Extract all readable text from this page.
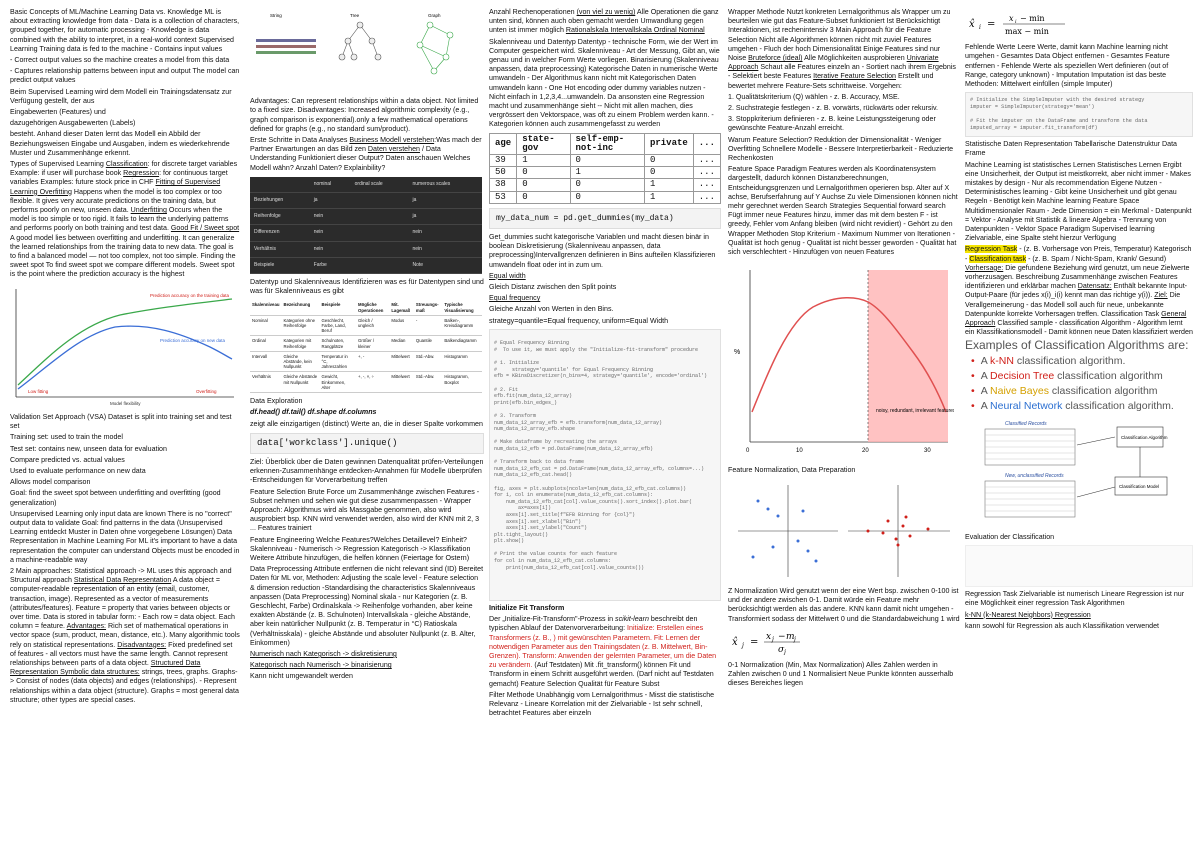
Basic Concepts of ML/Machine Learning Data vs. Knowledge ML is about extracting knowledge from data - Data is a collection of characters, grouped together, for automatic processing - Knowledge is data combined with the ability to interpret, in a real-world context Supervised Learning Training data is fed to the machine - Contains input values

- Correct output values so the machine creates a model from this data

- Captures relationship patterns between input and output The model can predict output values

Beim Supervised Learning wird dem Modell ein Trainingsdatensatz zur Verfügung gestellt, der aus

Eingabewerten (Features) und

dazugehörigen Ausgabewerten (Labels)

besteht. Anhand dieser Daten lernt das Modell ein Abbild der Beziehungsweisen Eingabe und Ausgaben, indem es wiederkehrende Muster und Zusammenhänge erkennt.

Types of Supervised Learning Classification: for discrete target variables Example: if user will purchase book Regression: for continuous target variables Examples: future stock price in CHF Fitting of Supervised Learning Overfitting Happens when the model is too complex or too flexible. It gives very accurate predictions on the training data, but performs poorly on new, unseen data. Underfitting Occurs when the model is too simple or too rigid. It fails to learn the underlying patterns and performs poorly on both training and test data. Good Fit / Sweet spot A good model lies between overfitting and underfitting. It can generalize the learned relationships from the training data to new data. The goal is to find a balanced model — not too complex, not too simple. Finding the sweet spot To find sweet spot we compare different models. Sweet spot is the point where the prediction accuracy is the highest

Prediction accuracy on the training data
Prediction accuracy on new data
Low fitting	Overfitting
Model flexibility

Validation Set Approach (VSA) Dataset is split into training set and test set

Training set: used to train the model

Test set: contains new, unseen data for evaluation

Compare predicted vs. actual values

Used to evaluate performance on new data

Allows model comparison

Goal: find the sweet spot between underfitting and overfitting (good generalization)

Unsupervised Learning only input data are known There is no "correct" output data to validate Goal: find patterns in the data (Unsupervised Learning entdeckt Muster in Daten ohne vorgegebene Lösungen) Data Representation in Machine Learning For ML it's important to have a data representation the computer can understand Objects must be encoded in a machine-readable way

2 Main approaches: Statistical approach -> ML uses this approach and Structural approach Statistical Data Representation A data object = computer-readable representation of an entity (email, customer, transaction, image). Represented as a vector of measurements (attributes/features). Feature = property that varies between objects or over time. Data is stored in tabular form: - Each row = data object. Each column = feature. Advantages: Rich set of mathematical operations in vector space (sum, product, mean, distance, etc.). Many algorithmic tools rely on statistical representations. Disadvantages: Fixed predefined set of features - all vectors must have the same length. Cannot represent relationships between parts of a data object. Structured Data Representation Symbolic data structures: strings, trees, graphs. Graphs-> Consist of nodes (data objects) and edges (relationships). - Represent relationships within a data object (structure). Graphs = most general data structure; other types are special cases.

String	Tree	Graph

Advantages: Can represent relationships within a data object. Not limited to a fixed size. Disadvantages: Increased algorithmic complexity (e.g., graph comparison is exponential).only a few mathematical operations defined for graphs (e.g., no standard sum/product).

Erste Schritte in Data Analyses Business Modell verstehen:Was mach der Partner Erwartungen an das Bild zen Daten verstehen / Data Understanding Funktioniert dieser Output? Daten anschauen Welches Modell wähn? Anzahl Daten? Explainbility?

	nominal	ordinal scale	numerous scales
Beziehungen	ja		ja
Reihenfolge	nein		ja
Differenzen	nein		nein
Verhältnis	nein		nein
Beispiele	Farbe		Note

Datentyp und Skalenniveaus Identifizieren was es für Datentypen sind und was für Skalenniveaus es gibt

Skalenniveau	Bezeichnung	Beispiele	Mögliche Operationen	Mit. Lagemaß	Streuungs-maß	Typische Visualisierung
Nominal	Kategorien ohne Reihenfolge	Geschlecht, Farbe, Land, Beruf	Gleich / ungleich	Modus	-	Balken-, Kreisdiagramm
Ordinal	Kategorien mit Reihenfolge	Schulnoten, Rangplätze	Größer / kleiner	Median	Quantile	Balkendiagramm
Intervall	Gleiche Abstände, kein Nullpunkt	Temperatur in °C, Jahreszahlen	+, -	Mittelwert	Std.-Abw.	Histogramm
Verhältnis	Gleiche Abstände mit Nullpunkt	Gewicht, Einkommen, Alter	+, -, ×, ÷	Mittelwert	Std.-Abw.	Histogramm, Boxplot

Data Exploration

df.head() df.tail() df.shape df.columns

zeigt alle einzigartigen (distinct) Werte an, die in dieser Spalte vorkommen

data['workclass'].unique()

Ziel: Überblick über die Daten gewinnen Datenqualität prüfen-Verteilungen erkennen-Zusammenhänge entdecken-Annahmen für Modelle überprüfen -Entscheidungen für Vorverarbeitung treffen

Feature Selection Brute Force um Zusammenhänge zwischen Features - Subset nehmen und sehen wie gut diese zusammenpassen - Wrapper Approach: Algorithmus wird als Massgabe genommen, also wird ausprobiert bsp. KNN wird verwendet werden, also wird der KNN mit 2, 3 ... Features trainiert

Feature Engineering Welche Features?Welches Detaillevel? Einheit?Skalenniveau - Numerisch -> Regression Kategorisch -> Klassifikation Weitere Attribute hinzufügen, die helfen können (Feiertage for Ostern)

Data Preprocessing Attribute entfernen die nicht relevant sind (ID) Bereitet Daten für ML vor, Methoden: Adjusting the scale level - Feature selection & dimension reduction -Standardising the characteristics Skalenniveaus anpassen (Data Preprocessing) Nominal skala - nur Kategorien (z. B. Geschlecht, Farbe) Ordinalskala -> Reihenfolge vorhanden, aber keine exakten Abstände (z. B. Schulnoten) Intervallskala - gleiche Abstände, aber kein natürlicher Nullpunkt (z. B. Temperatur in °C) Ratioskala (Verhältnisskala) - gleiche Abstände und absoluter Nullpunkt (z. B. Alter, Einkommen)

Numerisch nach Kategorisch -> diskretisierung

Kategorisch nach Numerisch -> binarisierung

Kann nicht umgewandelt werden

Anzahl Rechenoperationen (von viel zu wenig) Alle Operationen die ganz unten sind, können auch oben gemacht werden Umwandlung gegen unten ist immer möglich Rationalskala Intervallskala Ordinal Nominal

Skalenniveau und Datentyp Datentyp - technische Form, wie der Wert im Computer gespeichert wird. Skalenniveau - Art der Messung, Gibt an, wie genau und in welcher Form Werte vorliegen. Binarisierung (Skalenniveau anpassen, data preprocessing) Kategorische Daten in numerische Werte umwandeln - Der Algorithmus kann nicht mit Kategorischen Daten umwandeln kann - One Hot encoding oder dummy variables nutzen - Nicht einfach in 1,2,3,4...umwandeln. Da ansonsten eine Regression macht und zusammenhänge sieht -- Nicht mit allen machen, dies vergrössert den Vektorspace, was oft zu einem Problem werden kann. -Kategorien können auch zusammengefasst zu werden

age	state-gov	self-emp-not-inc	private	...
39	1	0	0	...
50	0	1	0	...
38	0	0	1	...
53	0	0	1	...
my_data_num = pd.get_dummies(my_data)

Get_dummies sucht kategorische Variablen und macht diesen binär in boolean Diskretisierung (Skalenniveau anpassen, data preprocessing)Intervallgrenzen definieren in Bins aufteilen Klassifizieren umwandeln float oder int in zum um.

Equal width

Gleich Distanz zwischen den Split points

Equal frequency

Gleiche Anzahl von Werten in den Bins.

strategy=quantile=Equal frequency, uniform=Equal Width

# Equal Frequency Binning
#  To use it, we must apply the "Initialize-fit-transform" procedure

# 1. Initialize
#     strategy='quantile' for Equal Frequency Binning
efb = KBinsDiscretizer(n_bins=4, strategy='quantile', encode='ordinal')

# 2. Fit
efb.fit(num_data_12_array)
print(efb.bin_edges_)

# 3. Transform
num_data_12_array_efb = efb.transform(num_data_12_array)
num_data_12_array_efb.shape

# Make dataframe by recreating the arrays
num_data_12_efb = pd.DataFrame(num_data_12_array_efb)

# Transform back to data frame
num_data_12_efb_cat = pd.DataFrame(num_data_12_array_efb, columns=...)
num_data_12_efb_cat.head()

fig, axes = plt.subplots(ncols=len(num_data_12_efb_cat.columns))
for i, col in enumerate(num_data_12_efb_cat.columns):
num_data_12_efb_cat[col].value_counts().sort_index().plot.bar(
ax=axes[i])
axes[i].set_title(f"EFB Binning for {col}")
axes[i].set_xlabel("Bin")
axes[i].set_ylabel("Count")
plt.tight_layout()
plt.show()

# Print the value counts for each feature
for col in num_data_12_efb_cat.columns:
print(num_data_12_efb_cat[col].value_counts())

Initialize Fit Transform

Der „Initialize-Fit-Transform"-Prozess in scikit-learn beschreibt den typischen Ablauf der Datenvorverarbeitung: Initialize: Erstellen eines Transformers (z. B., ) mit gewünschten Parametern. Fit: Lernen der notwendigen Parameter aus den Trainingsdaten (z. B. Mittelwert, Bin-Grenzen). Transform: Anwenden der gelernten Parameter, um die Daten zu verändern. (Auf Testdaten) Mit .fit_transform() können Fit und Transform in einem Schritt ausgeführt werden. (Darf nicht auf Testdaten gemacht) Feature Selection Qualität für Feature Subst

Filter Methode Unabhängig vom Lernalgorithmus - Misst die statistische Relevanz - Lineare Korrelation mit der Zielvariable - Ist sehr schnell, betrachtet Features aber einzeln

Wrapper Methode Nutzt konkreten Lernalgorithmus als Wrapper um zu beurteilen wie gut das Feature-Subset funktioniert Ist Berücksichtigt Interaktionen, ist rechenintensiv 3 Main Approach für die Feature Selection Nicht alle Algorithmen können nicht mit zuviel Features umgehen - Fluch der hoch Dimensionalität Einige Features sind nur Noise Bruteforce (ideal) Alle Möglichkeiten ausprobieren Univariate Approach Schaut alle Features einzeln an - Sortiert nach ihrem Ergebnis - Selektiert beste Features Iterative Feature Selection Erstellt und bewertet mehrere Feature-Sets schrittweise. Vorgehen:

1. Qualitätskriterium (Q) wählen - z. B. Accuracy, MSE.

2. Suchstrategie festlegen - z. B. vorwärts, rückwärts oder rekursiv.

3. Stoppkriterium definieren - z. B. keine Leistungssteigerung oder gewünschte Feature-Anzahl erreicht.

Warum Feature Selection? Reduktion der Dimensionalität - Weniger Overfitting Schnellere Modelle - Bessere Interpretierbarkeit - Reduzierte Rechenkosten

Feature Space Paradigm Features werden als Koordinatensystem dargestellt, dadurch können Distanzberechnungen, Entscheidungsgrenzen und Lernalgorithmen operieren bsp. Alter auf X achse, Berufserfahrung auf Y Auchse Zu viele Dimensionen können nicht mehr gerechnet werden Search Strategies Sequential forward search Fügt immer neue Features hinzu, immer das mit dem besten F - ist greedy, Fehler vom Anfang bleiben (wird nicht revidiert) - Gehört zu den Wrapper Methoden Stop Kriterium - Maximum Nummer von Iterationen - Qualität ist hoch genug - Qualität ist nicht besser geworden - Qualität hat sich verschlechtert - Hinzufügen von neuen Features

%
noisy, redundant, irrelevant features
0	10	20	30

Feature Normalization, Data Preparation

Z Normalization Wird genutzt wenn der eine Wert bsp. zwischen 0-100 ist und der andere zwischen 0-1. Damit würde ein Feature mehr berücksichtigt werden als das andere. KNN kann damit nicht umgehen - Transformiert sodass der Mittelwert 0 und die Standardabweichung 1 wird

x̂ j = x j − m j
σ j

0-1 Normalization (Min, Max Normalization) Alles Zahlen werden in Zahlen zwischen 0 und 1 Normalisiert Neue Punkte könnten ausserhalb dieses Bereiches liegen

x̂ i =
x i − min
max − min

Fehlende Werte Leere Werte, damit kann Machine learning nicht umgehen - Gesamtes Data Object entfernen - Gesamtes Feature entfernen - Fehlende Werte als speziellen Wert definieren (out of Range, category unknown) - Imputation Imputation ist das beste Methoden: Mittelwert einfüllen (simple Imputer)

# Initialize the SimpleImputer with the desired strategy
imputer = SimpleImputer(strategy='mean')

# Fit the imputer on the DataFrame and transform the data
imputed_array = imputer.fit_transform(df)

Statistische Daten Representation Tabellarische Datenstruktur Data Frame

Machine Learning ist statistisches Lernen Statistisches Lernen Ergibt eine Unsicherheit, der Output ist meistkorrekt, aber nicht immer - Makes mistakes by design - Nur als recommendation Eigene Nutzen - Deterministisches learning - Gibt keine Unsicherheit und gibt genau Regeln - Benötigt kein Machine learning Feature Space Multidimensionaler Raum - Jede Dimension = ein Merkmal - Datenpunkt = Vektor - Analyse mit Statistik & lineare Algebra - Trennung von Datenpunkten - Vektor Space Paradigm Supervised learning Zielvariable, eine Spalte steht hierzur Verfügung

Regression Task - (z. B. Vorhersage von Preis, Temperatur) Kategorisch - Classification task - (z. B. Spam / Nicht-Spam, Krank/ Gesund) Vorhersage: Die gefundene Beziehung wird genutzt, um neue Zielwerte vorherzusagen. Beschreibung Zusammenhänge zwischen Features identifizieren und erklärbar machen Datensatz: Enthält bekannte Input-Output-Paare (für jedes x(i)_i(i) kennt man das richtige y(i)). Ziel: Die Verallgemeinerung - das Modell soll auch für neue, unbekannte Datenpunkte korrekte Vorhersagen treffen. Classification Task General Approach Classified sample - classification Algorithm - Algorithm lernt ein Klassifikationsmodell - Damit können neue Daten klassifiziert werden

Examples of Classification Algorithms are:
• A k-NN classification algorithm.
• A Decision Tree classification algorithm
• A Naive Bayes classification algorithm
• A Neural Network classification algorithm.
Classified Records
Classification Algorithm
Classification Model
New, unclassified Records

Evaluation der Classification

Regression Task Zielvariable ist numerisch Lineare Regression ist nur eine Möglichkeit einer regression Task Algorithmen

k-NN (k-Nearest Neighbors) Regression

kann sowohl für Regression als auch Klassifikation verwendet
